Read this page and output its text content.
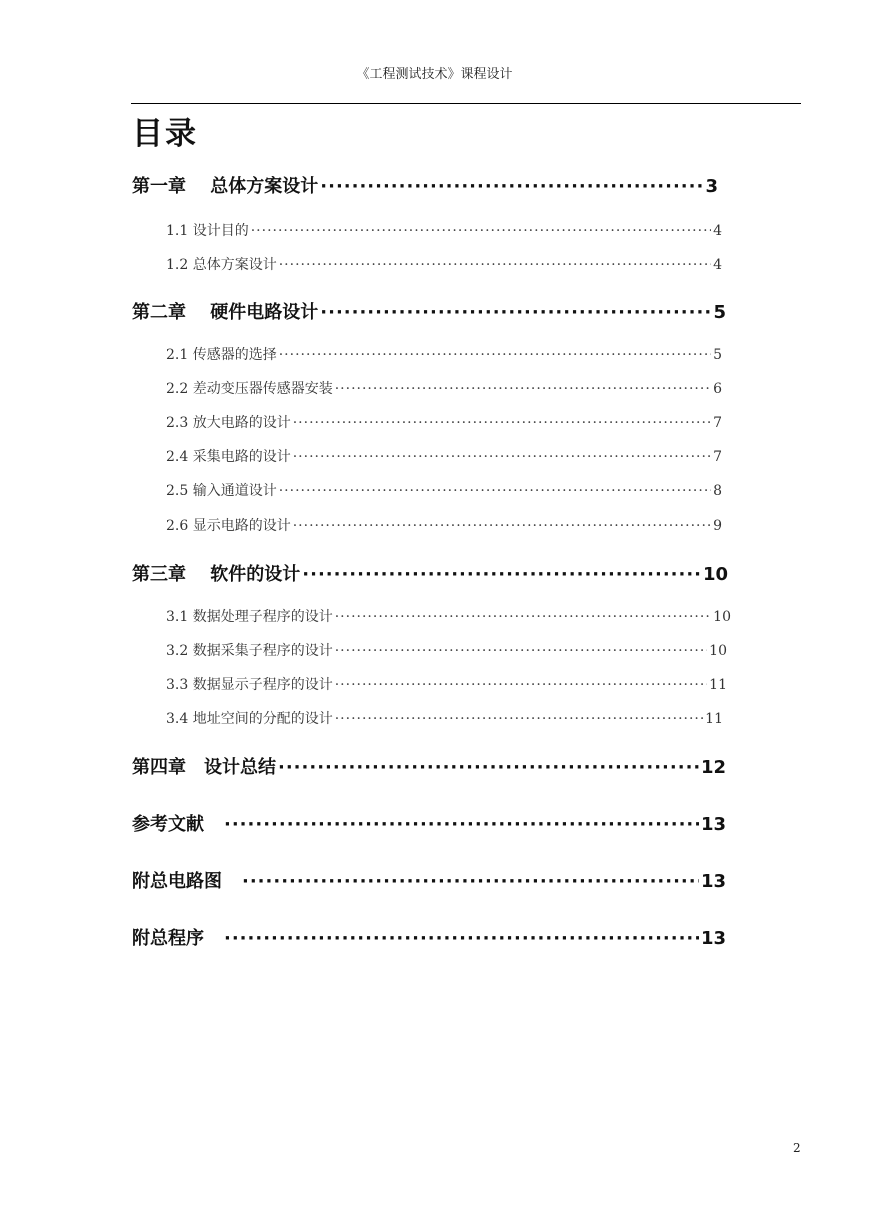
《工程测试技术》课程设计
目录
第一章　 总体方案设计 ·····	3
1.1 设计目的 ·····	4
1.2 总体方案设计 ·····	4
第二章　 硬件电路设计 ·····	5
2.1 传感器的选择 ·····	5
2.2 差动变压器传感器安装 ·····	6
2.3 放大电路的设计 ·····	7
2.4 采集电路的设计 ·····	7
2.5 输入通道设计 ·····	8
2.6 显示电路的设计 ·····	9
第三章　 软件的设计 ·····	10
3.1 数据处理子程序的设计 ·····	10
3.2 数据采集子程序的设计 ·····	10
3.3 数据显示子程序的设计 ·····	11
3.4 地址空间的分配的设计 ·····	11
第四章　设计总结 ·····	12
参考文献 ·····	13
附总电路图 ·····	13
附总程序 ·····	13
2
